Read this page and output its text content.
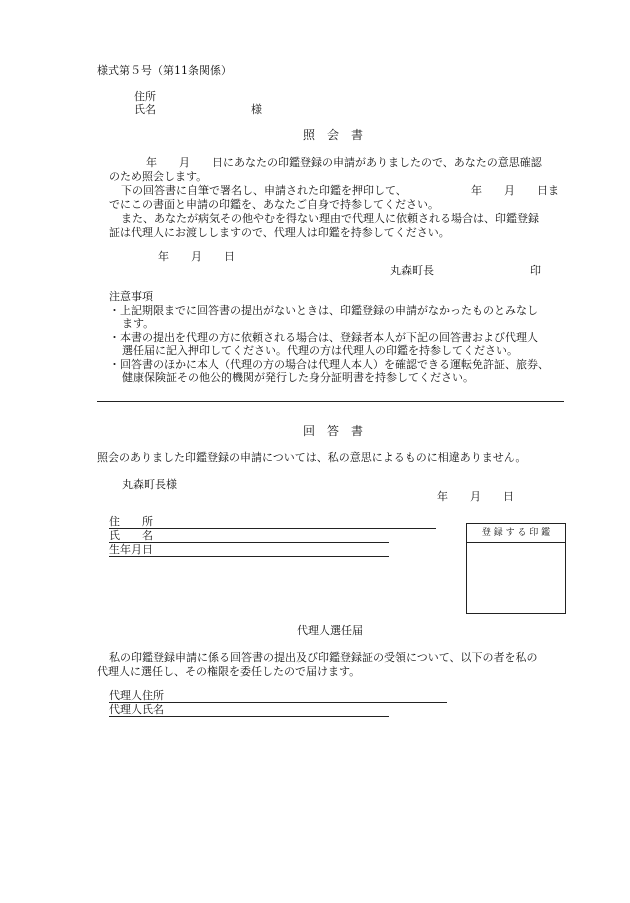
様式第５号（第11条関係）
住所
氏名	様
照　会　書
年　　月　　日にあなたの印鑑登録の申請がありましたので、あなたの意思確認
のため照会します。
下の回答書に自筆で署名し、申請された印鑑を押印して、	年　　月　　日ま
でにこの書面と申請の印鑑を、あなたご自身で持参してください。
また、あなたが病気その他やむを得ない理由で代理人に依頼される場合は、印鑑登録
証は代理人にお渡ししますので、代理人は印鑑を持参してください。
年　　月　　日
丸森町長	印
注意事項
・上記期限までに回答書の提出がないときは、印鑑登録の申請がなかったものとみなし
ます。
・本書の提出を代理の方に依頼される場合は、登録者本人が下記の回答書および代理人
選任届に記入押印してください。代理の方は代理人の印鑑を持参してください。
・回答書のほかに本人（代理の方の場合は代理人本人）を確認できる運転免許証、旅券、
健康保険証その他公的機関が発行した身分証明書を持参してください。
回　答　書
照会のありました印鑑登録の申請については、私の意思によるものに相違ありません。
丸森町長様
年　　月　　日
住　　所
氏　　名
生年月日
登 録 す る 印 鑑
代理人選任届
私の印鑑登録申請に係る回答書の提出及び印鑑登録証の受領について、以下の者を私の
代理人に選任し、その権限を委任したので届けます。
代理人住所
代理人氏名
